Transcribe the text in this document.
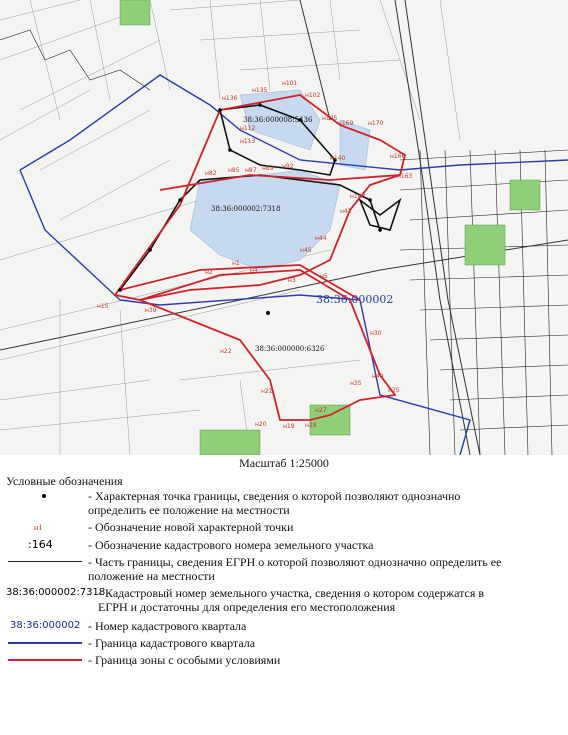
н135
н136
н101
н102
н105
н169 н170
н112
н113
н140
н148
н166
н163
н82 н85 н87 н89 н92
н42
н44
н45
н4
н2
н3
н5
н1
н15
н19
н20
н21
н22
н25
н28
н30
н35
н40
н27
н39
38:36:000002
38:36:000008:5436
38:36:000002:7318
38:36:000000:6326
Масштаб 1:25000
Условные обозначения
- Характерная точка границы, сведения о которой позволяют однозначно
определить ее положение на местности
н1	- Обозначение новой характерной точки
:164	- Обозначение кадастрового номера земельного участка
- Часть границы, сведения ЕГРН о которой позволяют однозначно определить ее
положение на местности
38:36:000002:7318
- Кадастровый номер земельного участка, сведения о котором содержатся в
ЕГРН и достаточны для определения его местоположения
38:36:000002 - Номер кадастрового квартала
- Граница кадастрового квартала
- Граница зоны с особыми условиями
